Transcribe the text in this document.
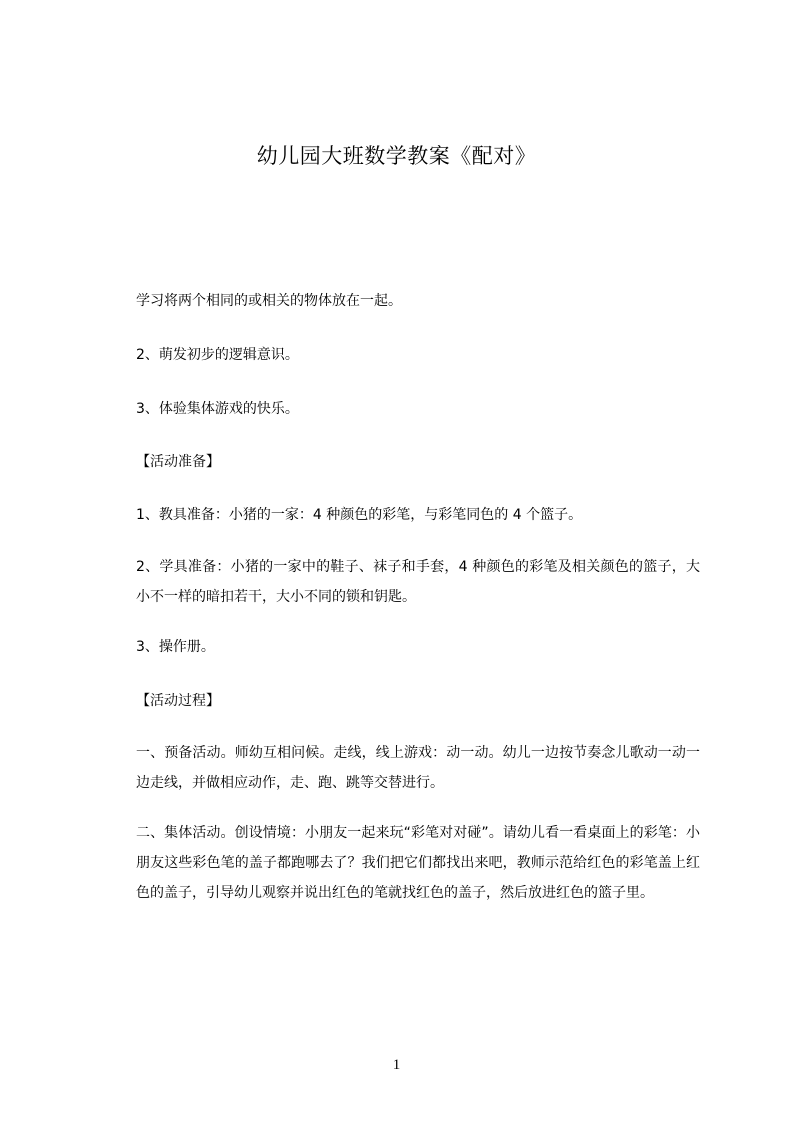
幼儿园大班数学教案《配对》

学习将两个相同的或相关的物体放在一起。

2、萌发初步的逻辑意识。

3、体验集体游戏的快乐。

【活动准备】

1、教具准备：小猪的一家：4 种颜色的彩笔，与彩笔同色的 4 个篮子。

2、学具准备：小猪的一家中的鞋子、袜子和手套，4 种颜色的彩笔及相关颜色的篮子，大小不一样的暗扣若干，大小不同的锁和钥匙。

3、操作册。

【活动过程】

一、预备活动。师幼互相问候。走线，线上游戏：动一动。幼儿一边按节奏念儿歌动一动一边走线，并做相应动作，走、跑、跳等交替进行。

二、集体活动。创设情境：小朋友一起来玩“彩笔对对碰”。请幼儿看一看桌面上的彩笔：小朋友这些彩色笔的盖子都跑哪去了？我们把它们都找出来吧，教师示范给红色的彩笔盖上红色的盖子，引导幼儿观察并说出红色的笔就找红色的盖子，然后放进红色的篮子里。

1
